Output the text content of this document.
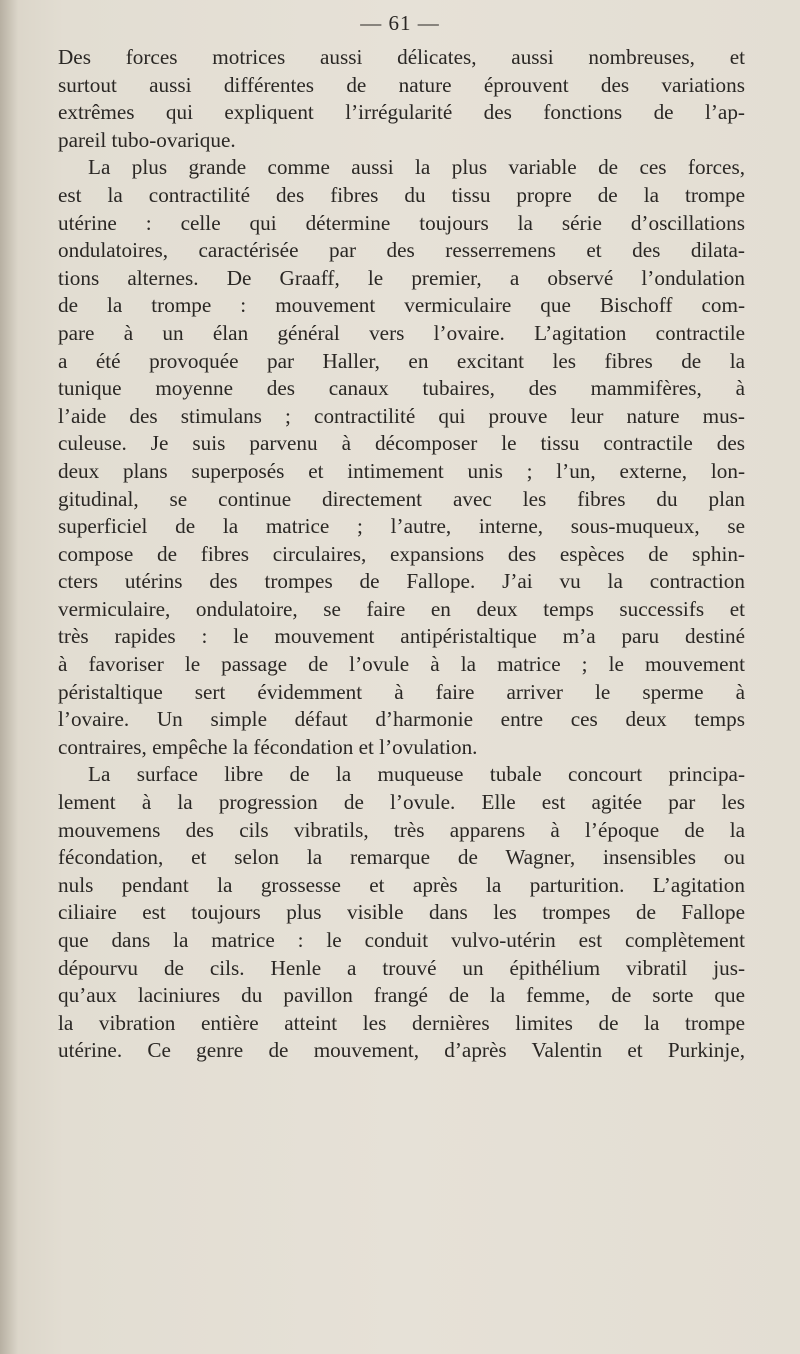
— 61 —
Des forces motrices aussi délicates, aussi nombreuses, et
surtout aussi différentes de nature éprouvent des variations
extrêmes qui expliquent l’irrégularité des fonctions de l’ap-
pareil tubo-ovarique.
La plus grande comme aussi la plus variable de ces forces,
est la contractilité des fibres du tissu propre de la trompe
utérine : celle qui détermine toujours la série d’oscillations
ondulatoires, caractérisée par des resserremens et des dilata-
tions alternes. De Graaff, le premier, a observé l’ondulation
de la trompe : mouvement vermiculaire que Bischoff com-
pare à un élan général vers l’ovaire. L’agitation contractile
a été provoquée par Haller, en excitant les fibres de la
tunique moyenne des canaux tubaires, des mammifères, à
l’aide des stimulans ; contractilité qui prouve leur nature mus-
culeuse. Je suis parvenu à décomposer le tissu contractile des
deux plans superposés et intimement unis ; l’un, externe, lon-
gitudinal, se continue directement avec les fibres du plan
superficiel de la matrice ; l’autre, interne, sous-muqueux, se
compose de fibres circulaires, expansions des espèces de sphin-
cters utérins des trompes de Fallope. J’ai vu la contraction
vermiculaire, ondulatoire, se faire en deux temps successifs et
très rapides : le mouvement antipéristaltique m’a paru destiné
à favoriser le passage de l’ovule à la matrice ; le mouvement
péristaltique sert évidemment à faire arriver le sperme à
l’ovaire. Un simple défaut d’harmonie entre ces deux temps
contraires, empêche la fécondation et l’ovulation.
La surface libre de la muqueuse tubale concourt principa-
lement à la progression de l’ovule. Elle est agitée par les
mouvemens des cils vibratils, très apparens à l’époque de la
fécondation, et selon la remarque de Wagner, insensibles ou
nuls pendant la grossesse et après la parturition. L’agitation
ciliaire est toujours plus visible dans les trompes de Fallope
que dans la matrice : le conduit vulvo-utérin est complètement
dépourvu de cils. Henle a trouvé un épithélium vibratil jus-
qu’aux laciniures du pavillon frangé de la femme, de sorte que
la vibration entière atteint les dernières limites de la trompe
utérine. Ce genre de mouvement, d’après Valentin et Purkinje,
